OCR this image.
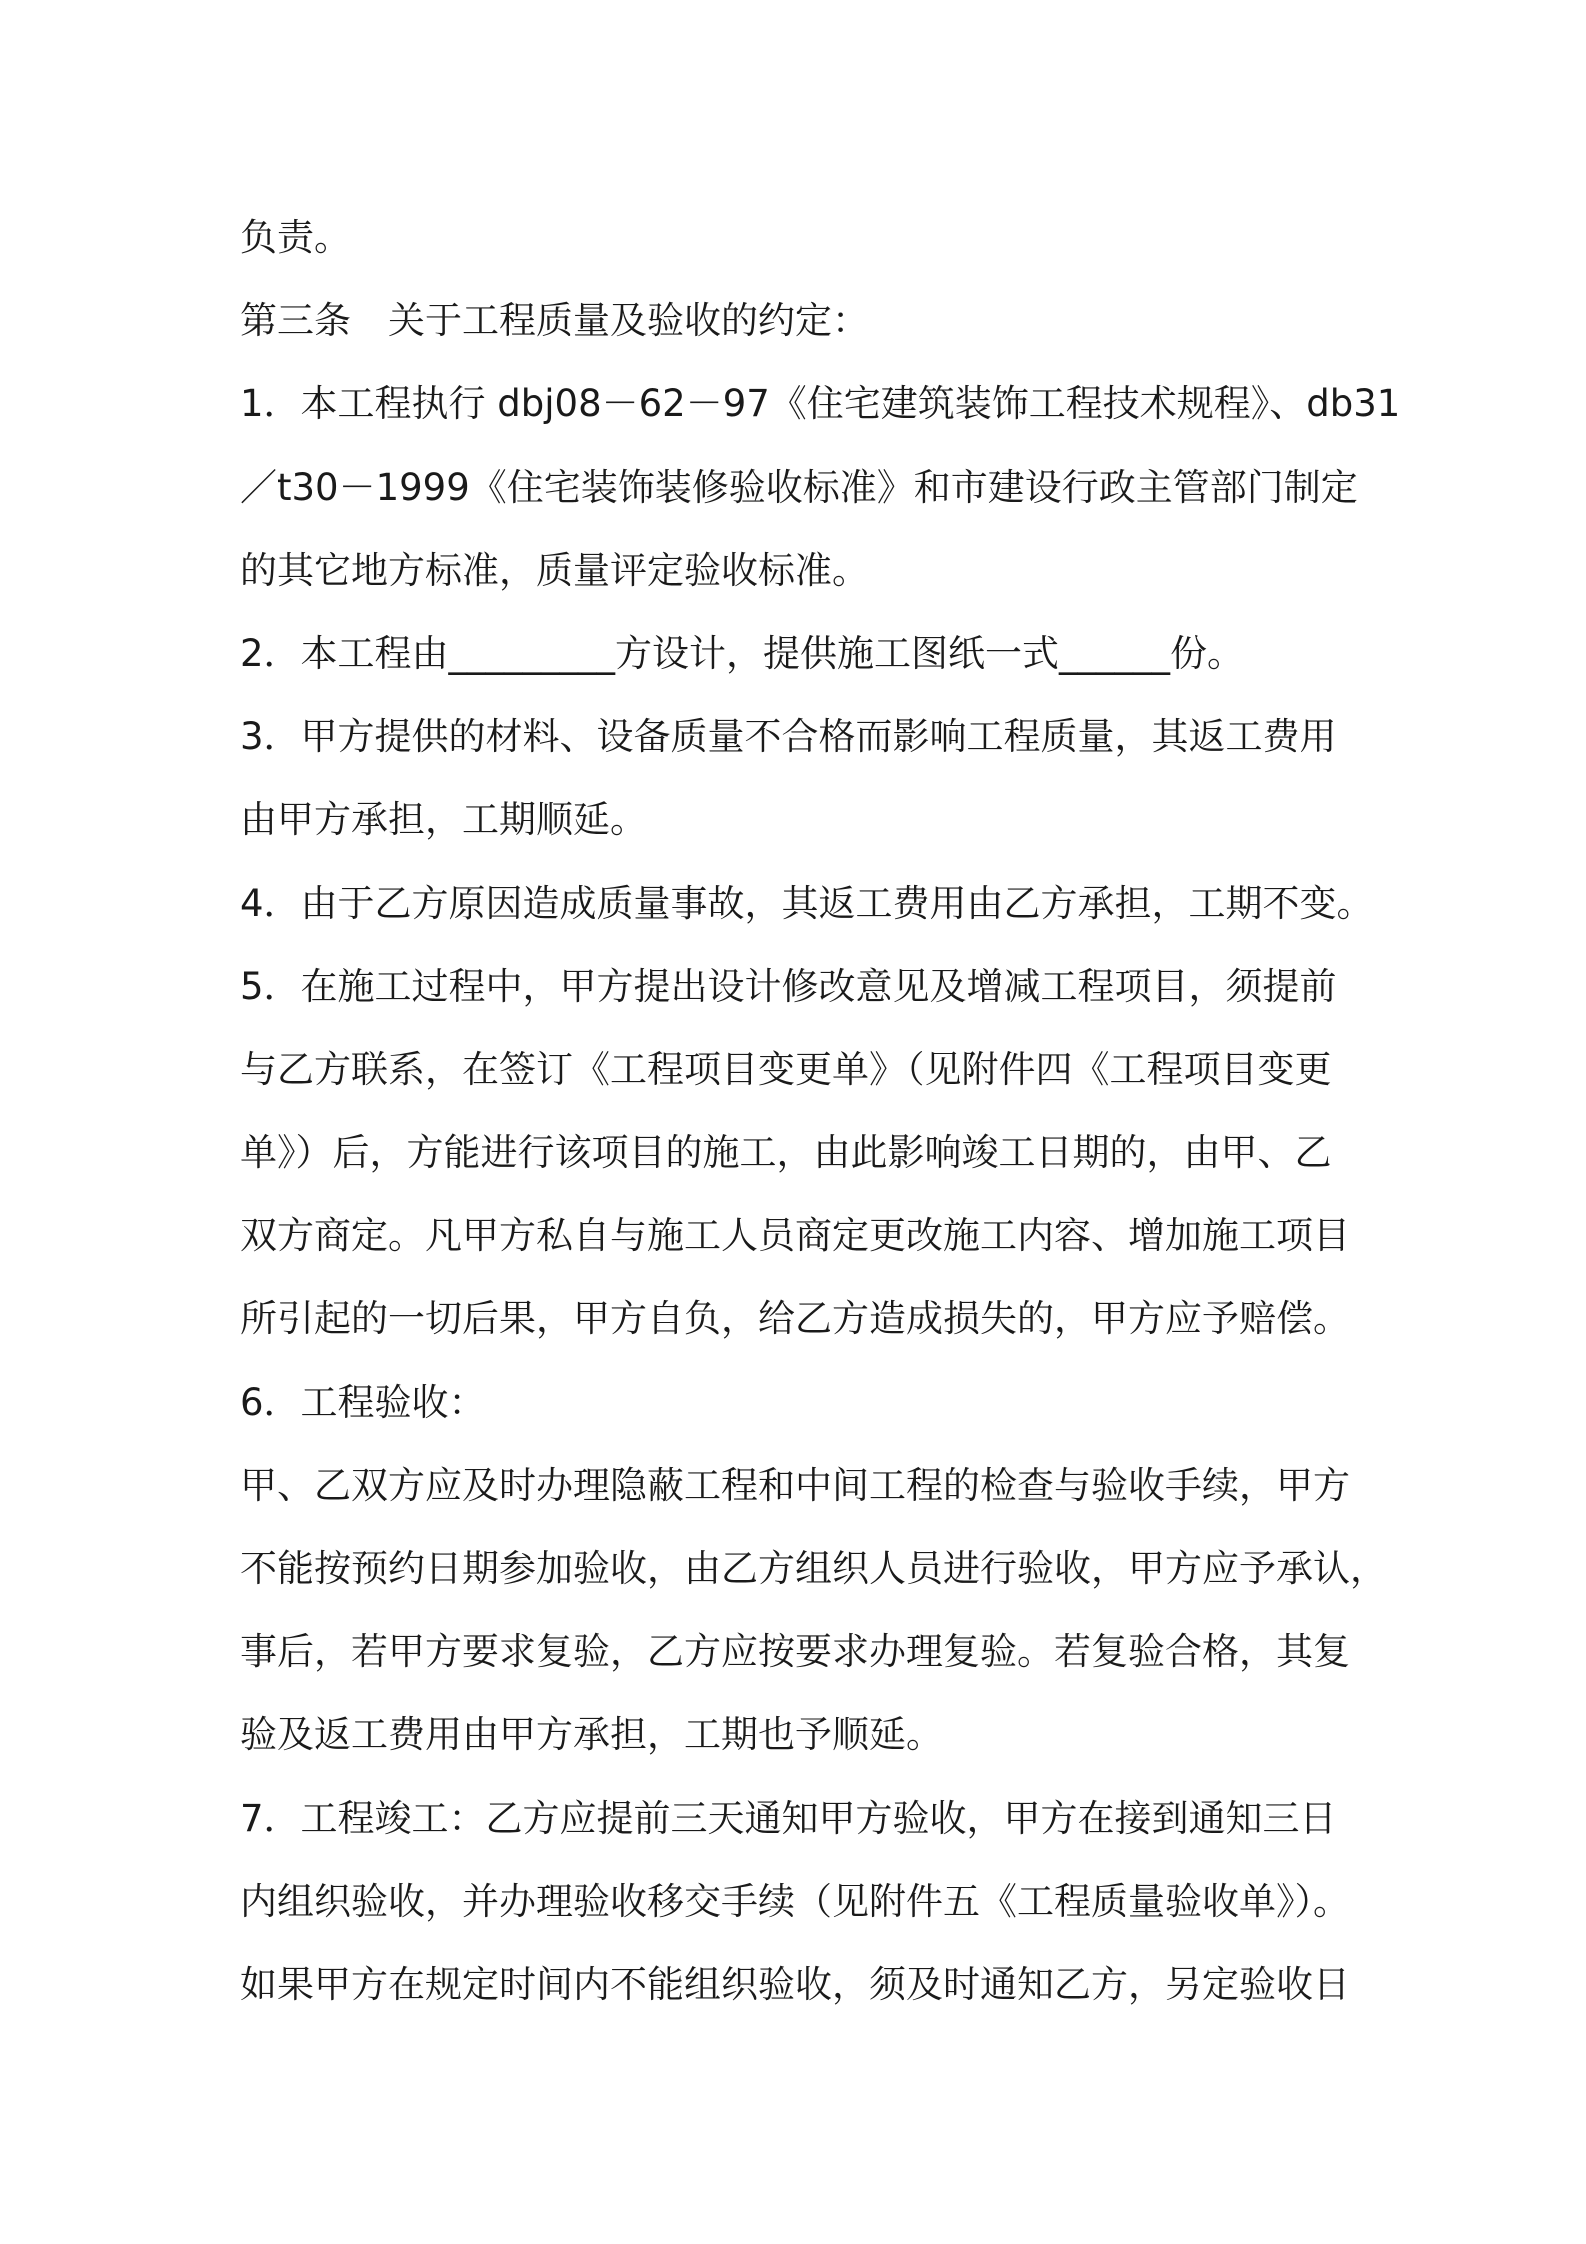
负责。
第三条　关于工程质量及验收的约定：
1．本工程执行 dbj08－62－97《住宅建筑装饰工程技术规程》、db31
／t30－1999《住宅装饰装修验收标准》和市建设行政主管部门制定
的其它地方标准，质量评定验收标准。
2．本工程由_________方设计，提供施工图纸一式______份。
3．甲方提供的材料、设备质量不合格而影响工程质量，其返工费用
由甲方承担，工期顺延。
4．由于乙方原因造成质量事故，其返工费用由乙方承担，工期不变。
5．在施工过程中，甲方提出设计修改意见及增减工程项目，须提前
与乙方联系，在签订《工程项目变更单》（见附件四《工程项目变更
单》）后，方能进行该项目的施工，由此影响竣工日期的，由甲、乙
双方商定。凡甲方私自与施工人员商定更改施工内容、增加施工项目
所引起的一切后果，甲方自负，给乙方造成损失的，甲方应予赔偿。
6．工程验收：
甲、乙双方应及时办理隐蔽工程和中间工程的检查与验收手续，甲方
不能按预约日期参加验收，由乙方组织人员进行验收，甲方应予承认，
事后，若甲方要求复验，乙方应按要求办理复验。若复验合格，其复
验及返工费用由甲方承担，工期也予顺延。
7．工程竣工：乙方应提前三天通知甲方验收，甲方在接到通知三日
内组织验收，并办理验收移交手续（见附件五《工程质量验收单》）。
如果甲方在规定时间内不能组织验收，须及时通知乙方，另定验收日
